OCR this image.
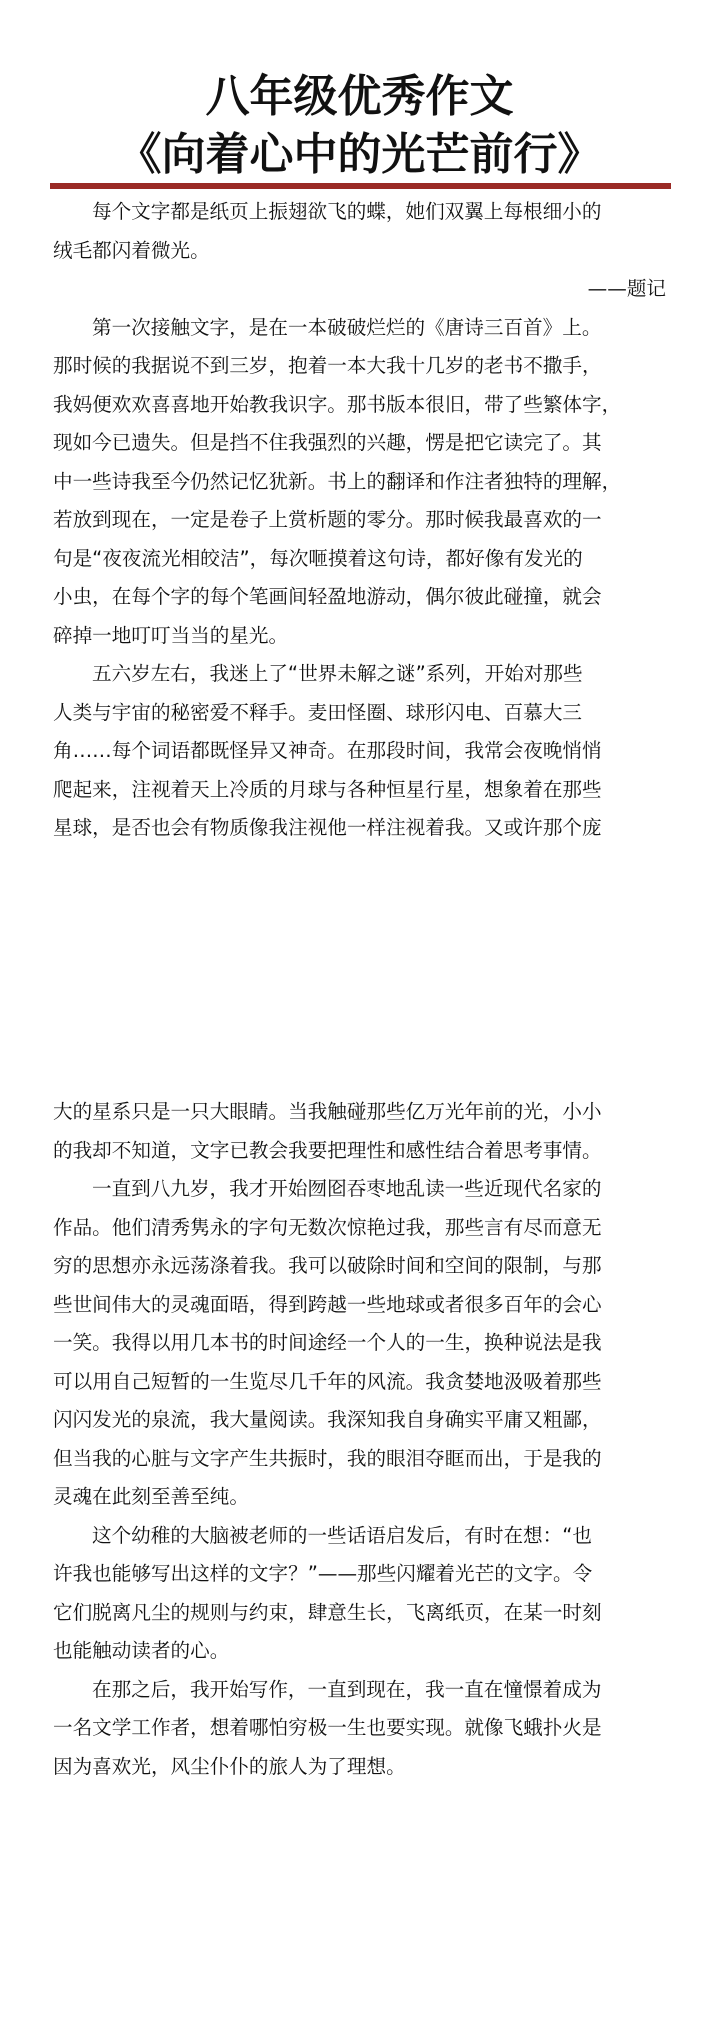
八年级优秀作文
《向着心中的光芒前行》
每个文字都是纸页上振翅欲飞的蝶，她们双翼上每根细小的
绒毛都闪着微光。
——题记
第一次接触文字，是在一本破破烂烂的《唐诗三百首》上。
那时候的我据说不到三岁，抱着一本大我十几岁的老书不撒手，
我妈便欢欢喜喜地开始教我识字。那书版本很旧，带了些繁体字，
现如今已遗失。但是挡不住我强烈的兴趣，愣是把它读完了。其
中一些诗我至今仍然记忆犹新。书上的翻译和作注者独特的理解，
若放到现在，一定是卷子上赏析题的零分。那时候我最喜欢的一
句是“夜夜流光相皎洁”，每次咂摸着这句诗，都好像有发光的
小虫，在每个字的每个笔画间轻盈地游动，偶尔彼此碰撞，就会
碎掉一地叮叮当当的星光。
五六岁左右，我迷上了“世界未解之谜”系列，开始对那些
人类与宇宙的秘密爱不释手。麦田怪圈、球形闪电、百慕大三
角……每个词语都既怪异又神奇。在那段时间，我常会夜晚悄悄
爬起来，注视着天上冷质的月球与各种恒星行星，想象着在那些
星球，是否也会有物质像我注视他一样注视着我。又或许那个庞
大的星系只是一只大眼睛。当我触碰那些亿万光年前的光，小小
的我却不知道，文字已教会我要把理性和感性结合着思考事情。
一直到八九岁，我才开始囫囵吞枣地乱读一些近现代名家的
作品。他们清秀隽永的字句无数次惊艳过我，那些言有尽而意无
穷的思想亦永远荡涤着我。我可以破除时间和空间的限制，与那
些世间伟大的灵魂面晤，得到跨越一些地球或者很多百年的会心
一笑。我得以用几本书的时间途经一个人的一生，换种说法是我
可以用自己短暂的一生览尽几千年的风流。我贪婪地汲吸着那些
闪闪发光的泉流，我大量阅读。我深知我自身确实平庸又粗鄙，
但当我的心脏与文字产生共振时，我的眼泪夺眶而出，于是我的
灵魂在此刻至善至纯。
这个幼稚的大脑被老师的一些话语启发后，有时在想：“也
许我也能够写出这样的文字？”——那些闪耀着光芒的文字。令
它们脱离凡尘的规则与约束，肆意生长，飞离纸页，在某一时刻
也能触动读者的心。
在那之后，我开始写作，一直到现在，我一直在憧憬着成为
一名文学工作者，想着哪怕穷极一生也要实现。就像飞蛾扑火是
因为喜欢光，风尘仆仆的旅人为了理想。
